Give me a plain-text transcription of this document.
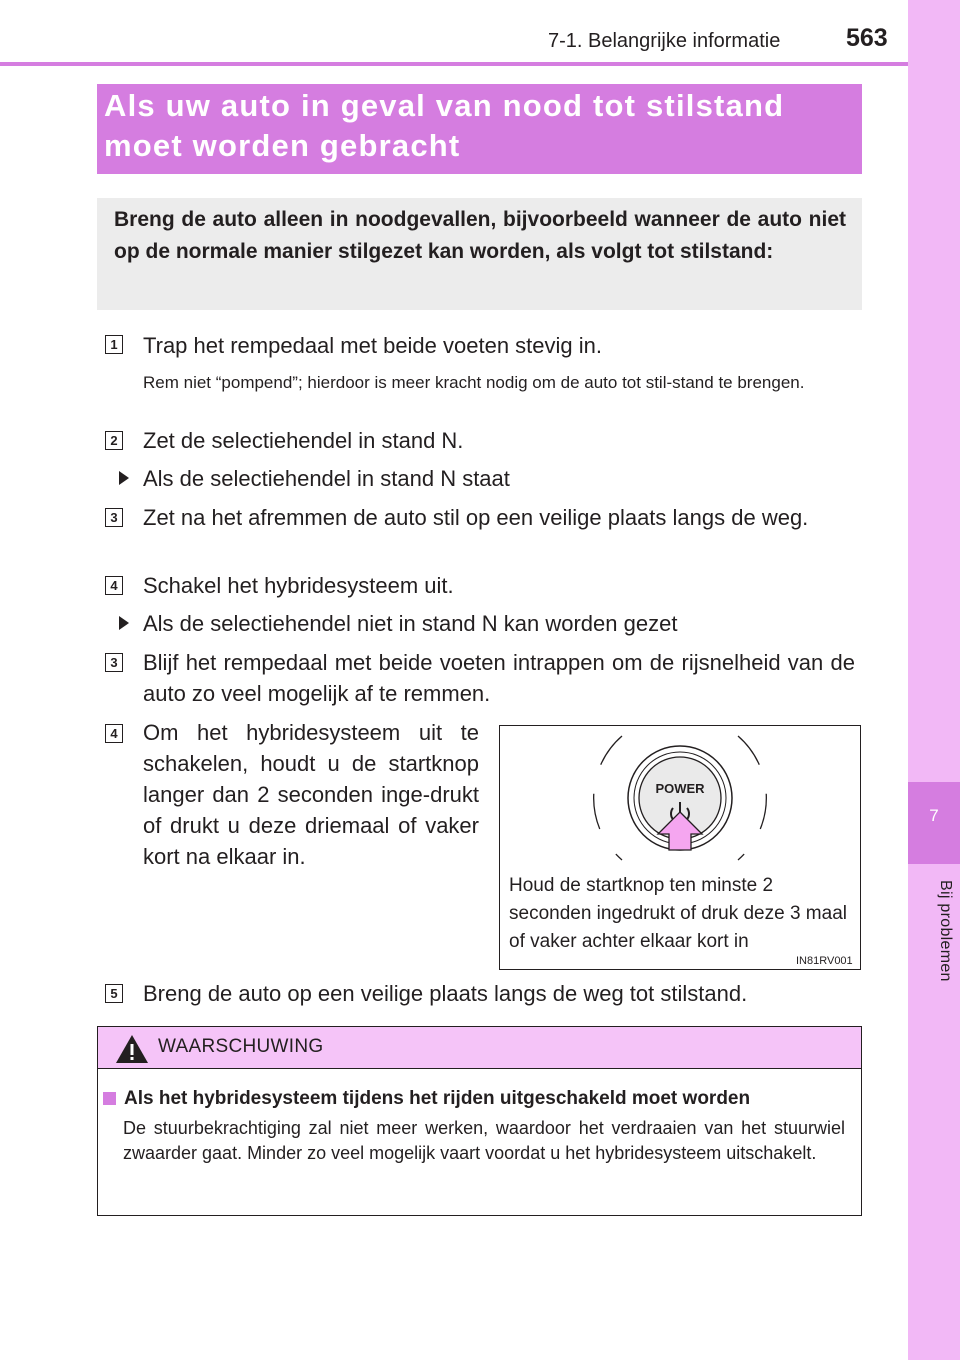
7-1. Belangrijke informatie	563
7
Bij problemen
Als uw auto in geval van nood tot stilstand moet worden gebracht
Breng de auto alleen in noodgevallen, bijvoorbeeld wanneer de auto niet op de normale manier stilgezet kan worden, als volgt tot stilstand:
1 Trap het rempedaal met beide voeten stevig in.
Rem niet “pompend”; hierdoor is meer kracht nodig om de auto tot stil-stand te brengen.
2 Zet de selectiehendel in stand N.
Als de selectiehendel in stand N staat
3 Zet na het afremmen de auto stil op een veilige plaats langs de weg.
4 Schakel het hybridesysteem uit.
Als de selectiehendel niet in stand N kan worden gezet
3 Blijf het rempedaal met beide voeten intrappen om de rijsnelheid van de auto zo veel mogelijk af te remmen.
4 Om het hybridesysteem uit te schakelen, houdt u de startknop langer dan 2 seconden inge-drukt of drukt u deze driemaal of vaker kort na elkaar in.
POWER
Houd de startknop ten minste 2 seconden ingedrukt of druk deze 3 maal of vaker achter elkaar kort in
IN81RV001
5 Breng de auto op een veilige plaats langs de weg tot stilstand.
WAARSCHUWING
Als het hybridesysteem tijdens het rijden uitgeschakeld moet worden
De stuurbekrachtiging zal niet meer werken, waardoor het verdraaien van het stuurwiel zwaarder gaat. Minder zo veel mogelijk vaart voordat u het hybridesysteem uitschakelt.
